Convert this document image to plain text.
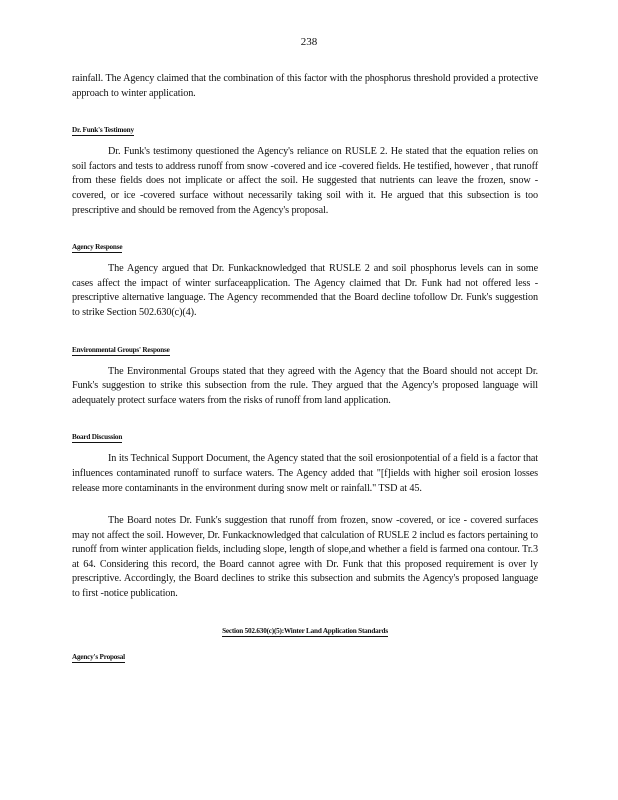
238

rainfall. The Agency claimed that the combination of this factor with the phosphorus threshold provided a protective approach to winter application.

Dr. Funk's Testimony

Dr. Funk's testimony questioned the Agency's reliance on RUSLE 2. He stated that the equation relies on soil factors and tests to address runoff from snow -covered and ice -covered fields. He testified, however , that runoff from these fields does not implicate or affect the soil. He suggested that nutrients can leave the frozen, snow -covered, or ice -covered surface without necessarily taking soil with it. He argued that this subsection is too prescriptive and should be removed from the Agency's proposal.

Agency Response

The Agency argued that Dr. Funkacknowledged that RUSLE 2 and soil phosphorus levels can in some cases affect the impact of winter surfaceapplication. The Agency claimed that Dr. Funk had not offered less -prescriptive alternative language. The Agency recommended that the Board decline tofollow Dr. Funk's suggestion to strike Section 502.630(c)(4).

Environmental Groups' Response

The Environmental Groups stated that they agreed with the Agency that the Board should not accept Dr. Funk's suggestion to strike this subsection from the rule. They argued that the Agency's proposed language will adequately protect surface waters from the risks of runoff from land application.

Board Discussion

In its Technical Support Document, the Agency stated that the soil erosionpotential of a field is a factor that influences contaminated runoff to surface waters. The Agency added that "[f]ields with higher soil erosion losses release more contaminants in the environment during snow melt or rainfall." TSD at 45.

The Board notes Dr. Funk's suggestion that runoff from frozen, snow -covered, or ice - covered surfaces may not affect the soil. However, Dr. Funkacknowledged that calculation of RUSLE 2 includ es factors pertaining to runoff from winter application fields, including slope, length of slope,and whether a field is farmed ona contour. Tr.3 at 64. Considering this record, the Board cannot agree with Dr. Funk that this proposed requirement is over ly prescriptive. Accordingly, the Board declines to strike this subsection and submits the Agency's proposed language to first -notice publication.

Section 502.630(c)(5):Winter Land Application Standards
Agency's Proposal
